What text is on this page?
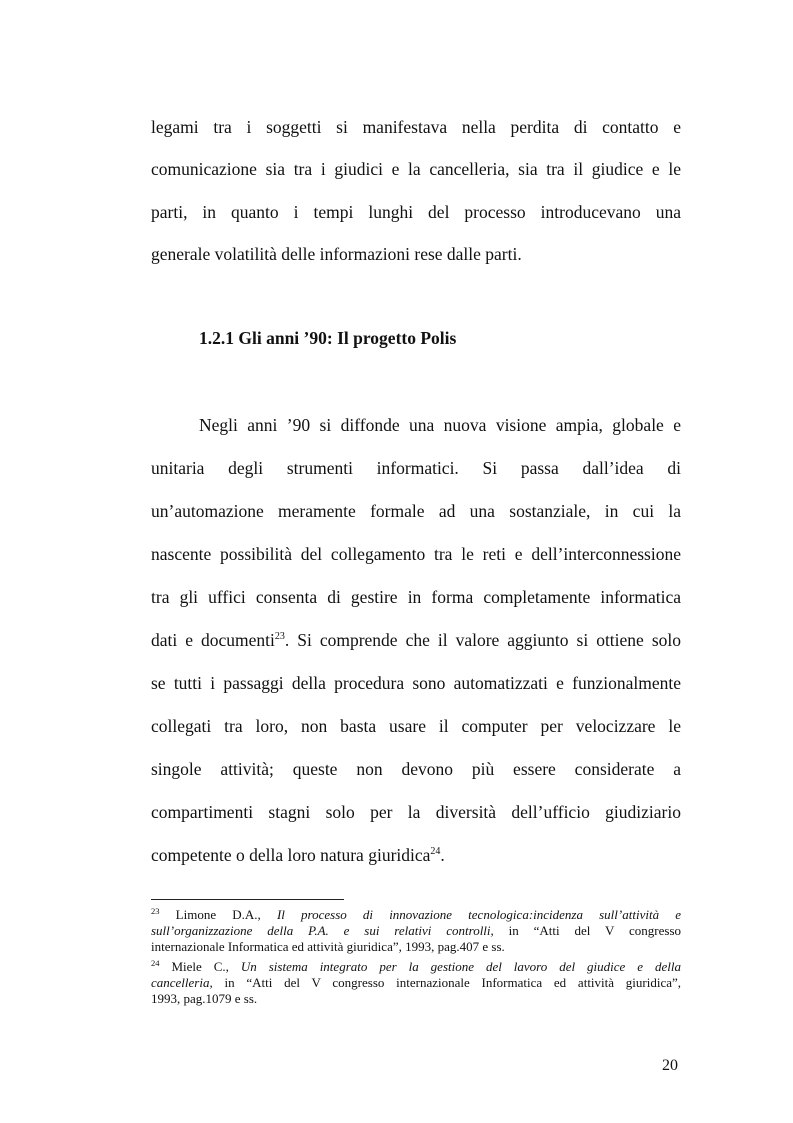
legami tra i soggetti si manifestava nella perdita di contatto e
comunicazione sia tra i giudici e la cancelleria, sia tra il giudice e le
parti, in quanto i tempi lunghi del processo introducevano una
generale volatilità delle informazioni rese dalle parti.
1.2.1 Gli anni ’90: Il progetto Polis
Negli anni ’90 si diffonde una nuova visione ampia, globale e
unitaria degli strumenti informatici. Si passa dall’idea di
un’automazione meramente formale ad una sostanziale, in cui la
nascente possibilità del collegamento tra le reti e dell’interconnessione
tra gli uffici consenta di gestire in forma completamente informatica
dati e documenti$^{23}$. Si comprende che il valore aggiunto si ottiene solo
se tutti i passaggi della procedura sono automatizzati e funzionalmente
collegati tra loro, non basta usare il computer per velocizzare le
singole attività; queste non devono più essere considerate a
compartimenti stagni solo per la diversità dell’ufficio giudiziario
competente o della loro natura giuridica$^{24}$.
$^{23}$ Limone D.A., Il processo di innovazione tecnologica:incidenza sull’attività e
sull’organizzazione della P.A. e sui relativi controlli, in “Atti del V congresso
internazionale Informatica ed attività giuridica”, 1993, pag.407 e ss.
$^{24}$ Miele C., Un sistema integrato per la gestione del lavoro del giudice e della
cancelleria, in “Atti del V congresso internazionale Informatica ed attività giuridica”,
1993, pag.1079 e ss.
20
